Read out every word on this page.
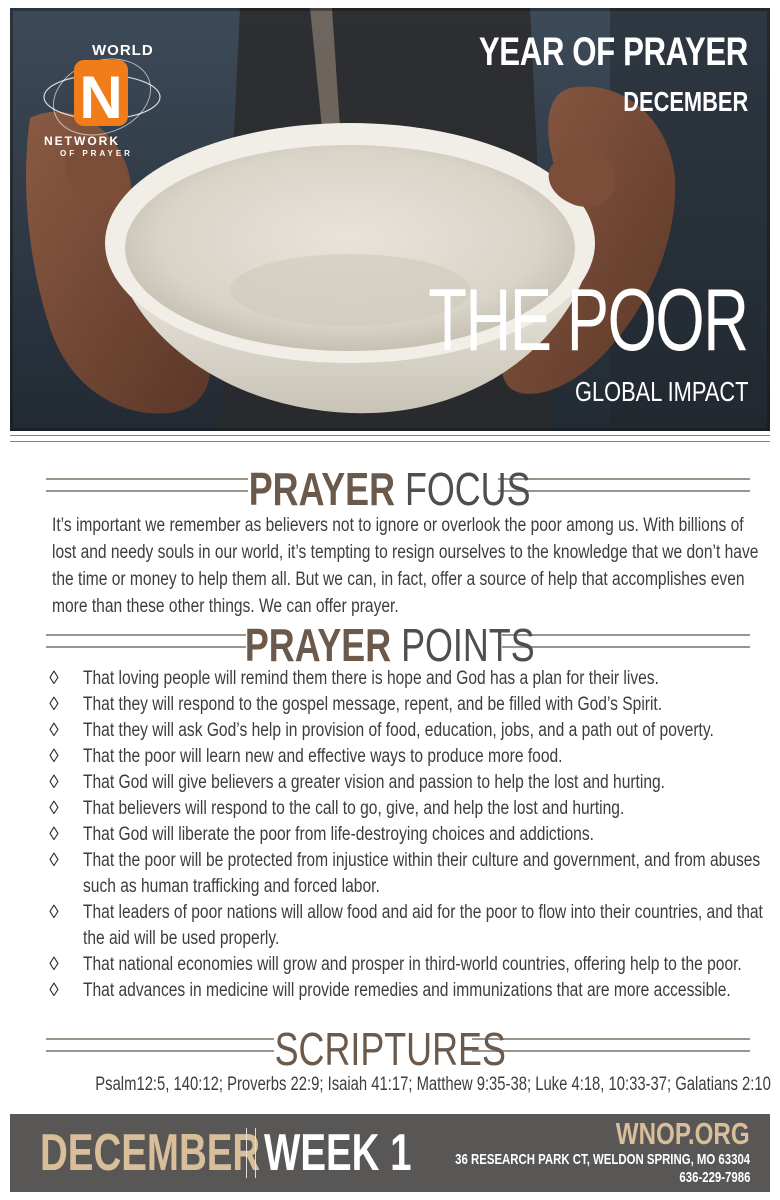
N
WORLD
NETWORK
OF PRAYER
YEAR OF PRAYER
DECEMBER
THE POOR
GLOBAL IMPACT
PRAYER FOCUS
It’s important we remember as believers not to ignore or overlook the poor among us. With billions of lost and needy souls in our world, it’s tempting to resign ourselves to the knowledge that we don’t have the time or money to help them all. But we can, in fact, offer a source of help that accomplishes even more than these other things. We can offer prayer.
PRAYER POINTS
◊ That loving people will remind them there is hope and God has a plan for their lives.
◊ That they will respond to the gospel message, repent, and be filled with God’s Spirit.
◊ That they will ask God’s help in provision of food, education, jobs, and a path out of poverty.
◊ That the poor will learn new and effective ways to produce more food.
◊ That God will give believers a greater vision and passion to help the lost and hurting.
◊ That believers will respond to the call to go, give, and help the lost and hurting.
◊ That God will liberate the poor from life-destroying choices and addictions.
◊ That the poor will be protected from injustice within their culture and government, and from abuses such as human trafficking and forced labor.
◊ That leaders of poor nations will allow food and aid for the poor to flow into their countries, and that the aid will be used properly.
◊ That national economies will grow and prosper in third-world countries, offering help to the poor.
◊ That advances in medicine will provide remedies and immunizations that are more accessible.
SCRIPTURES
Psalm12:5, 140:12; Proverbs 22:9; Isaiah 41:17; Matthew 9:35-38; Luke 4:18, 10:33-37; Galatians 2:10
DECEMBER WEEK 1	WNOP.ORG
36 RESEARCH PARK CT, WELDON SPRING, MO 63304
636-229-7986
